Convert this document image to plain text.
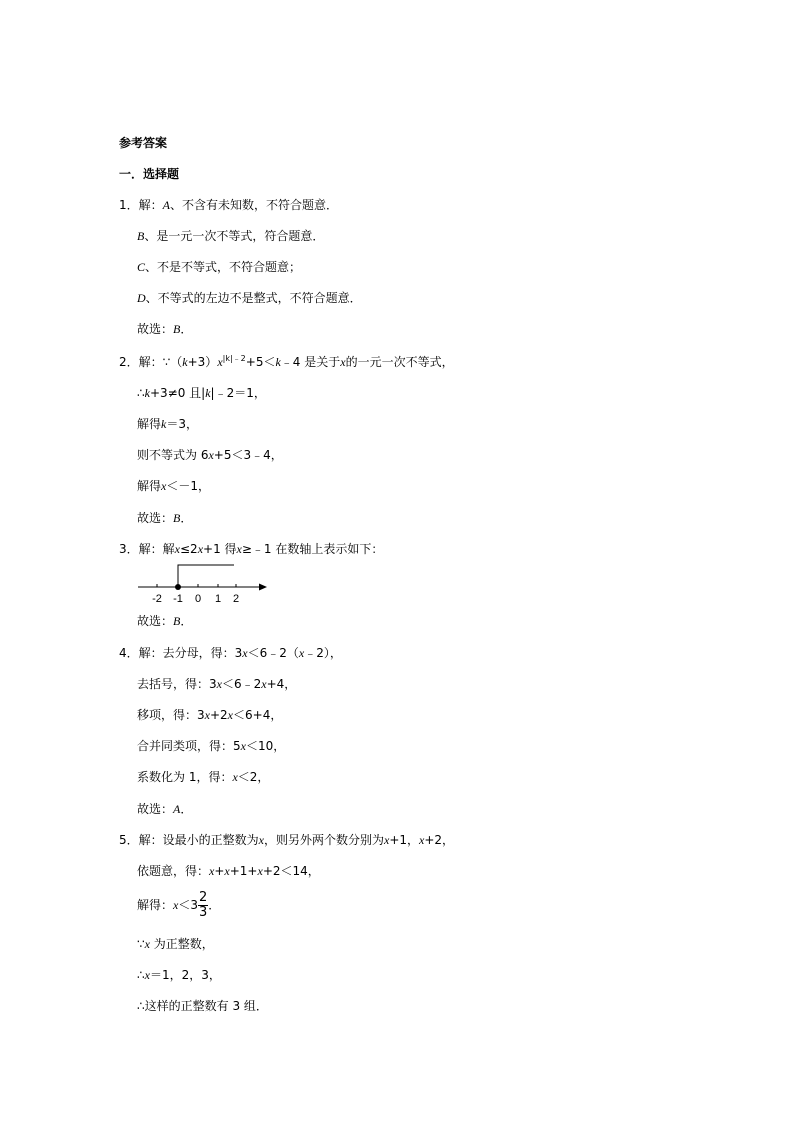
参考答案
一．选择题
1．解：A、不含有未知数，不符合题意．
B、是一元一次不等式，符合题意．
C、不是不等式，不符合题意；
D、不等式的左边不是整式，不符合题意．
故选：B．
2．解：$\because(k+3)x^{|k|﹣2}+5<k﹣4$ 是关于x的一元一次不等式，
∴k+3≠0 且|k|﹣2＝1，
解得k＝3，
则不等式为 6x+5＜3﹣4，
解得x＜－1，
故选：B．
3．解：解x≤2x+1 得x≥﹣1 在数轴上表示如下：
-2 -1 0 1 2
故选：B．
4．解：去分母，得：3x＜6﹣2（x﹣2），
去括号，得：3x＜6﹣2x+4，
移项，得：3x+2x＜6+4，
合并同类项，得：5x＜10，
系数化为 1，得：x＜2，
故选：A．
5．解：设最小的正整数为x，则另外两个数分别为x+1，x+2，
依题意，得：x+x+1+x+2＜14，
解得：$x<3 \frac{2}{3}$ ．
∵x 为正整数，
∴x＝1，2，3，
∴这样的正整数有 3 组．
